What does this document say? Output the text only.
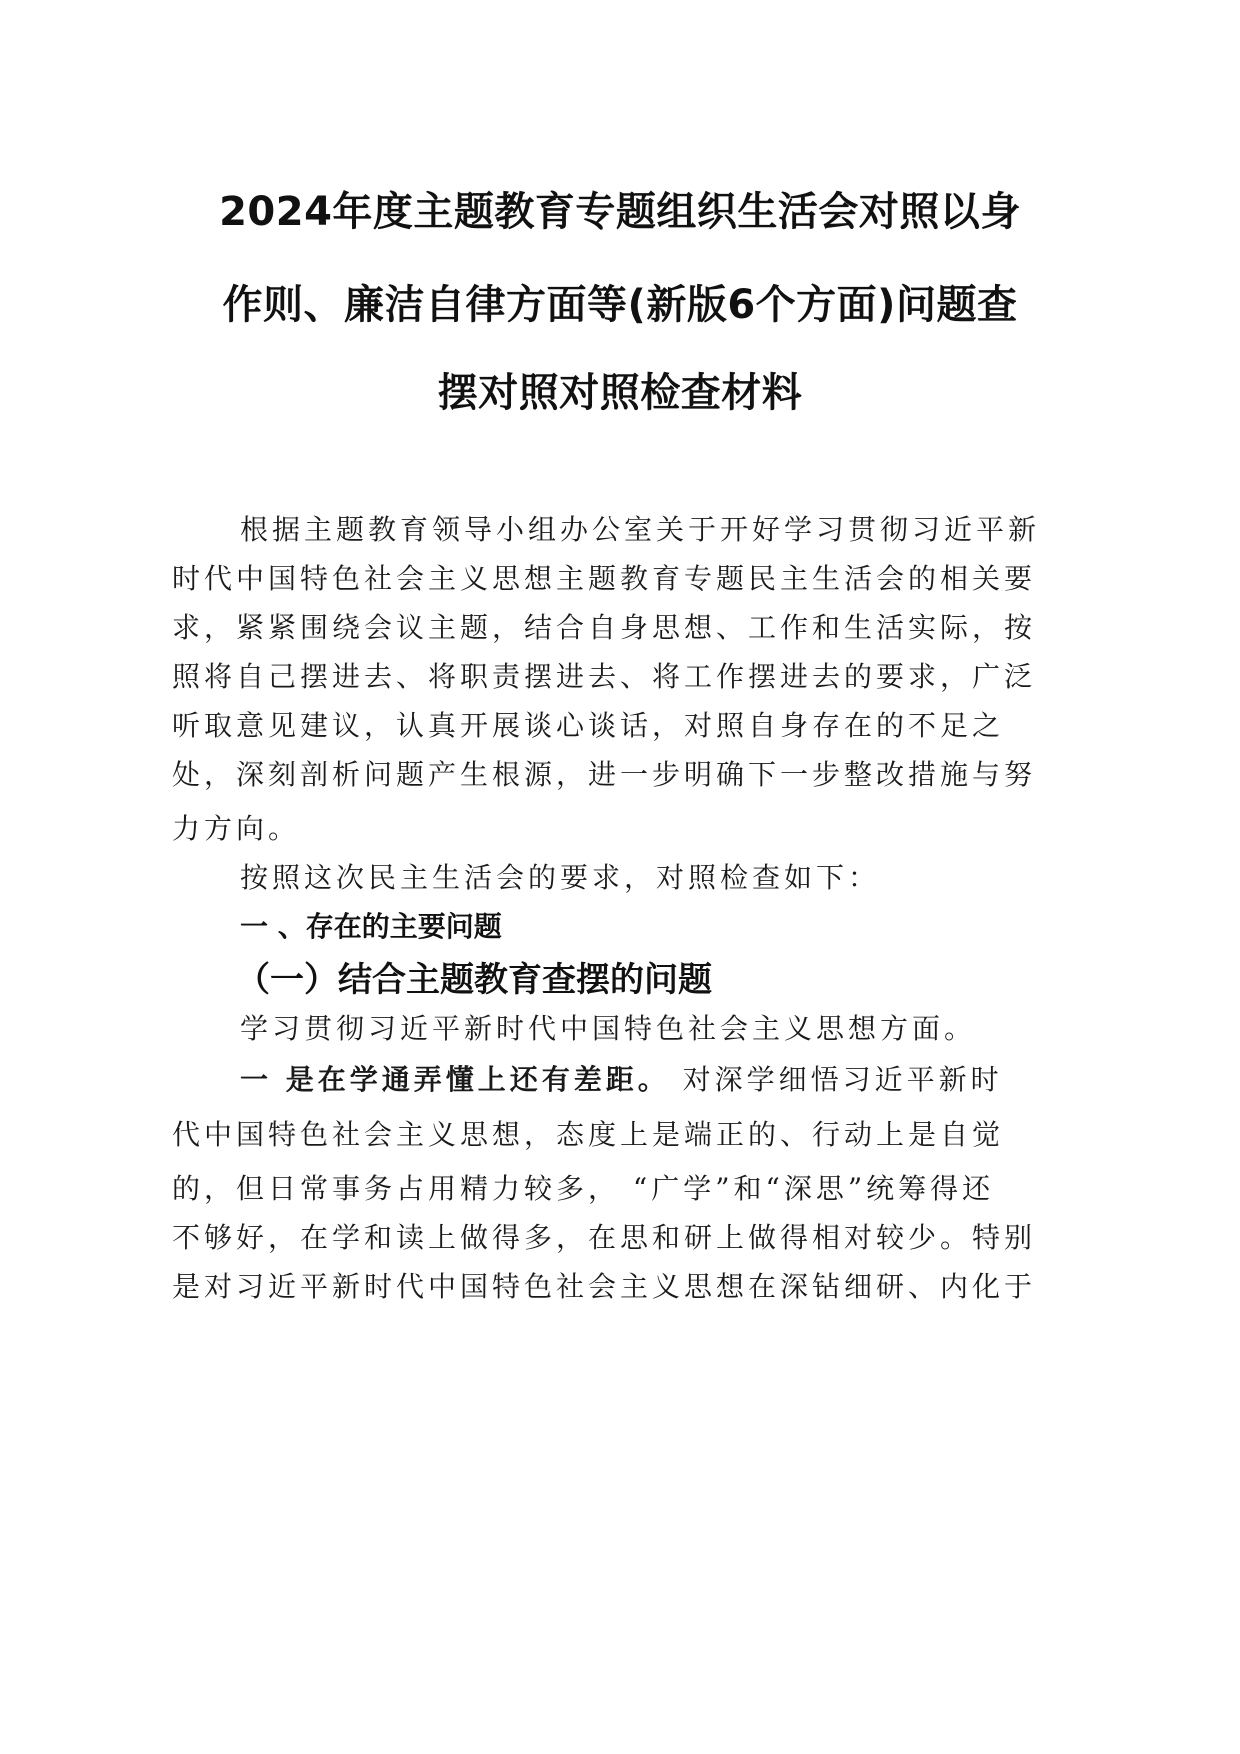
2024年度主题教育专题组织生活会对照以身
作则、廉洁自律方面等(新版6个方面)问题查
摆对照对照检查材料
根据主题教育领导小组办公室关于开好学习贯彻习近平新
时代中国特色社会主义思想主题教育专题民主生活会的相关要
求，紧紧围绕会议主题，结合自身思想、工作和生活实际，按
照将自己摆进去、将职责摆进去、将工作摆进去的要求，广泛
听取意见建议，认真开展谈心谈话，对照自身存在的不足之
处，深刻剖析问题产生根源，进一步明确下一步整改措施与努
力方向。
按照这次民主生活会的要求，对照检查如下：
一 、存在的主要问题
（一）结合主题教育查摆的问题
学习贯彻习近平新时代中国特色社会主义思想方面。
一 是在学通弄懂上还有差距。 对深学细悟习近平新时
代中国特色社会主义思想，态度上是端正的、行动上是自觉
的，但日常事务占用精力较多， “广学”和“深思”统筹得还
不够好，在学和读上做得多，在思和研上做得相对较少。特别
是对习近平新时代中国特色社会主义思想在深钻细研、内化于
